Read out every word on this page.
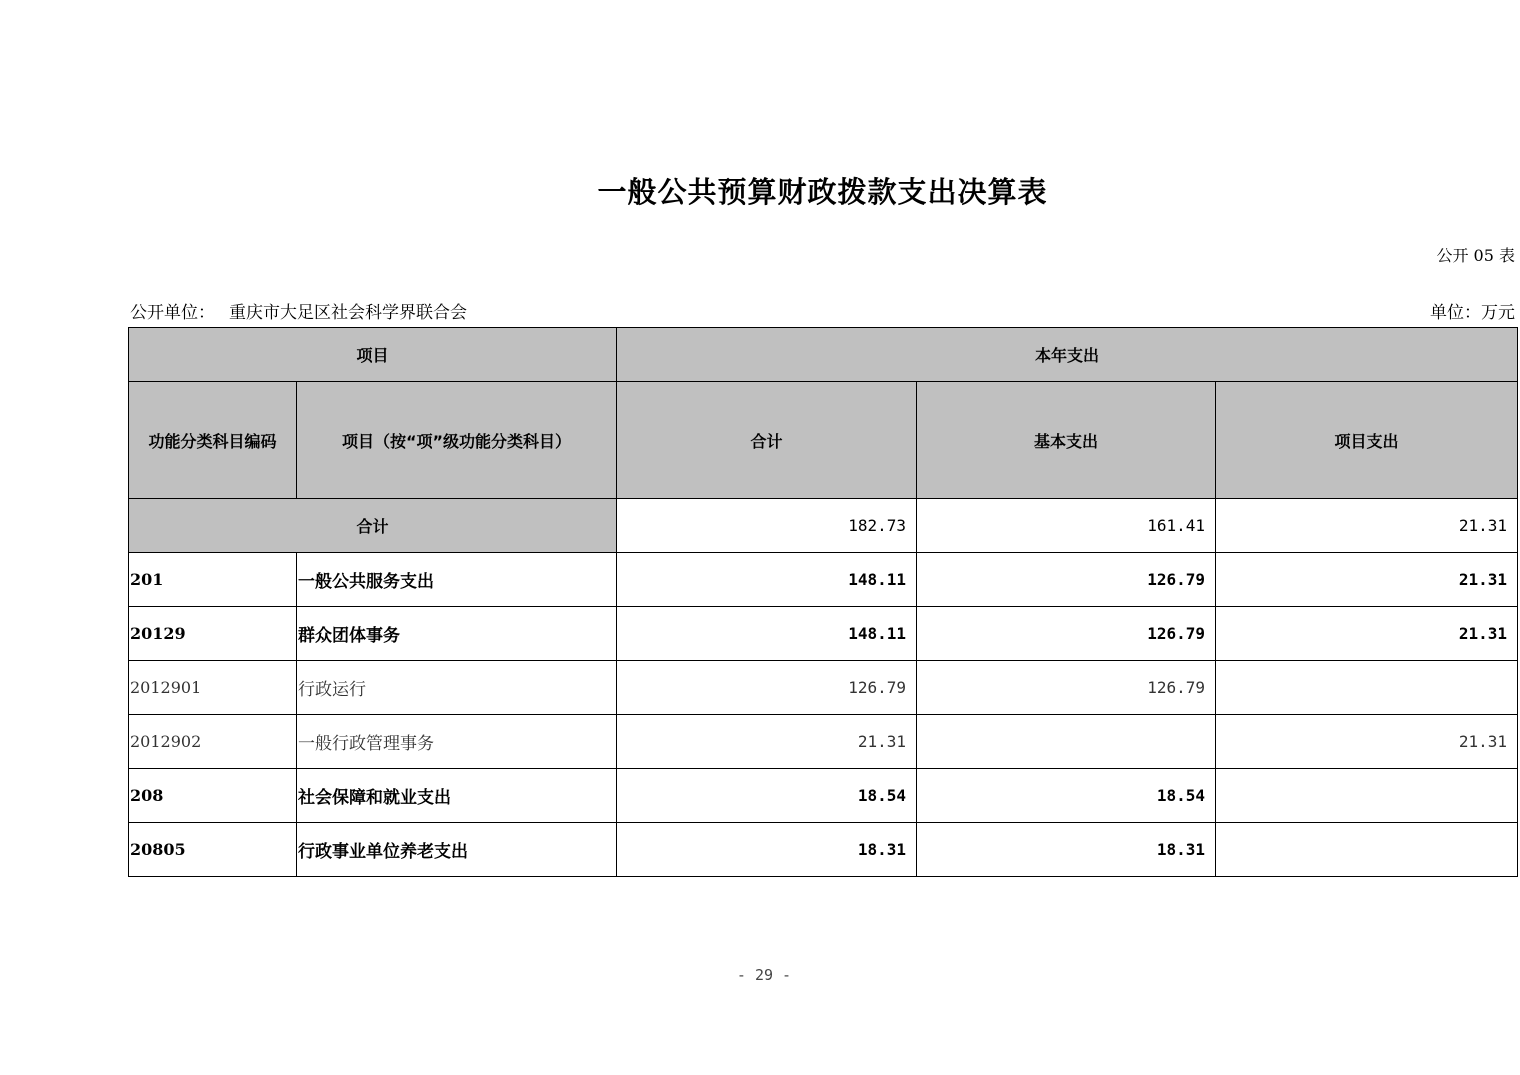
一般公共预算财政拨款支出决算表
公开 05 表
公开单位： 重庆市大足区社会科学界联合会	单位：万元
项目		本年支出		
功能分类科目编码	项目（按“项”级功能分类科目）	合计	基本支出	项目支出
合计		182.73	161.41	21.31
201	一般公共服务支出	148.11	126.79	21.31
20129	群众团体事务	148.11	126.79	21.31
2012901	行政运行	126.79	126.79	
2012902	一般行政管理事务	21.31		21.31
208	社会保障和就业支出	18.54	18.54	
20805	行政事业单位养老支出	18.31	18.31	
- 29 -
